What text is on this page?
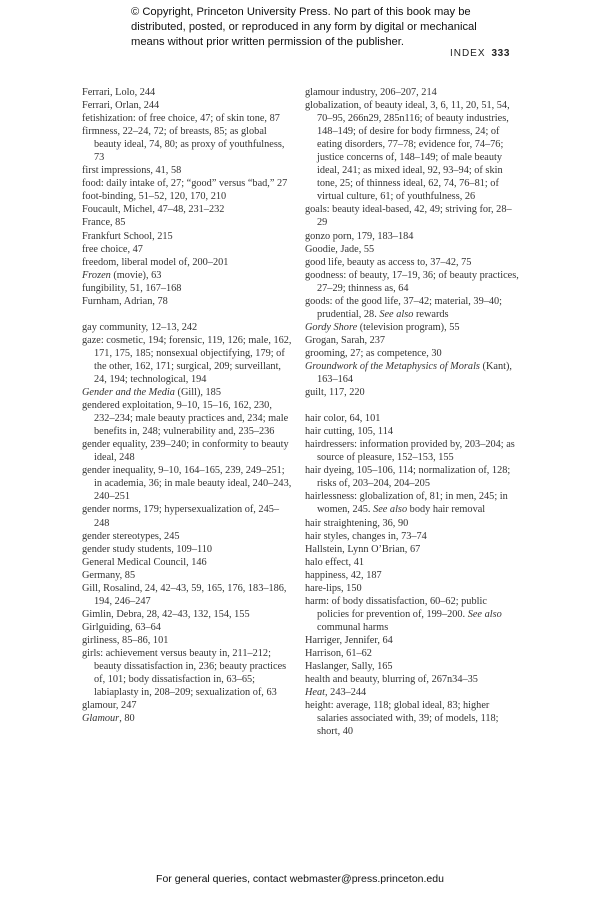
© Copyright, Princeton University Press. No part of this book may be distributed, posted, or reproduced in any form by digital or mechanical means without prior written permission of the publisher.
INDEX 333
Ferrari, Lolo, 244
Ferrari, Orlan, 244
fetishization: of free choice, 47; of skin tone, 87
firmness, 22–24, 72; of breasts, 85; as global beauty ideal, 74, 80; as proxy of youthfulness, 73
first impressions, 41, 58
food: daily intake of, 27; “good” versus “bad,” 27
foot-binding, 51–52, 120, 170, 210
Foucault, Michel, 47–48, 231–232
France, 85
Frankfurt School, 215
free choice, 47
freedom, liberal model of, 200–201
Frozen (movie), 63
fungibility, 51, 167–168
Furnham, Adrian, 78
gay community, 12–13, 242
gaze: cosmetic, 194; forensic, 119, 126; male, 162, 171, 175, 185; nonsexual objectifying, 179; of the other, 162, 171; surgical, 209; surveillant, 24, 194; technological, 194
Gender and the Media (Gill), 185
gendered exploitation, 9–10, 15–16, 162, 230, 232–234; male beauty practices and, 234; male benefits in, 248; vulnerability and, 235–236
gender equality, 239–240; in conformity to beauty ideal, 248
gender inequality, 9–10, 164–165, 239, 249–251; in academia, 36; in male beauty ideal, 240–243, 240–251
gender norms, 179; hypersexualization of, 245–248
gender stereotypes, 245
gender study students, 109–110
General Medical Council, 146
Germany, 85
Gill, Rosalind, 24, 42–43, 59, 165, 176, 183–186, 194, 246–247
Gimlin, Debra, 28, 42–43, 132, 154, 155
Girlguiding, 63–64
girliness, 85–86, 101
girls: achievement versus beauty in, 211–212; beauty dissatisfaction in, 236; beauty practices of, 101; body dissatisfaction in, 63–65; labiaplasty in, 208–209; sexualization of, 63
glamour, 247
Glamour, 80
glamour industry, 206–207, 214
globalization, of beauty ideal, 3, 6, 11, 20, 51, 54, 70–95, 266n29, 285n116; of beauty industries, 148–149; of desire for body firmness, 24; of eating disorders, 77–78; evidence for, 74–76; justice concerns of, 148–149; of male beauty ideal, 241; as mixed ideal, 92, 93–94; of skin tone, 25; of thinness ideal, 62, 74, 76–81; of virtual culture, 61; of youthfulness, 26
goals: beauty ideal-based, 42, 49; striving for, 28–29
gonzo porn, 179, 183–184
Goodie, Jade, 55
good life, beauty as access to, 37–42, 75
goodness: of beauty, 17–19, 36; of beauty practices, 27–29; thinness as, 64
goods: of the good life, 37–42; material, 39–40; prudential, 28. See also rewards
Gordy Shore (television program), 55
Grogan, Sarah, 237
grooming, 27; as competence, 30
Groundwork of the Metaphysics of Morals (Kant), 163–164
guilt, 117, 220
hair color, 64, 101
hair cutting, 105, 114
hairdressers: information provided by, 203–204; as source of pleasure, 152–153, 155
hair dyeing, 105–106, 114; normalization of, 128; risks of, 203–204, 204–205
hairlessness: globalization of, 81; in men, 245; in women, 245. See also body hair removal
hair straightening, 36, 90
hair styles, changes in, 73–74
Hallstein, Lynn O’Brian, 67
halo effect, 41
happiness, 42, 187
hare-lips, 150
harm: of body dissatisfaction, 60–62; public policies for prevention of, 199–200. See also communal harms
Harriger, Jennifer, 64
Harrison, 61–62
Haslanger, Sally, 165
health and beauty, blurring of, 267n34–35
Heat, 243–244
height: average, 118; global ideal, 83; higher salaries associated with, 39; of models, 118; short, 40
For general queries, contact webmaster@press.princeton.edu
